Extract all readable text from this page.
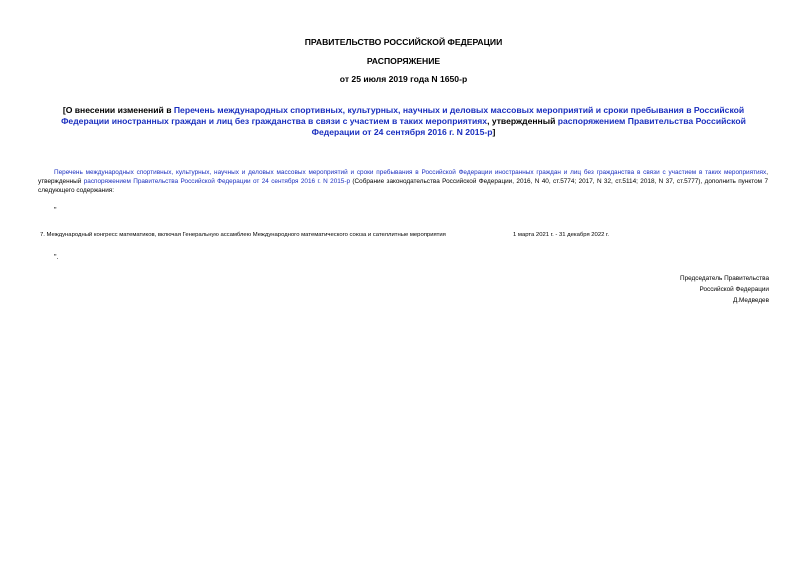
ПРАВИТЕЛЬСТВО РОССИЙСКОЙ ФЕДЕРАЦИИ
РАСПОРЯЖЕНИЕ
от 25 июля 2019 года N 1650-р
[О внесении изменений в Перечень международных спортивных, культурных, научных и деловых массовых мероприятий и сроки пребывания в Российской Федерации иностранных граждан и лиц без гражданства в связи с участием в таких мероприятиях, утвержденный распоряжением Правительства Российской Федерации от 24 сентября 2016 г. N 2015-р]
Перечень международных спортивных, культурных, научных и деловых массовых мероприятий и сроки пребывания в Российской Федерации иностранных граждан и лиц без гражданства в связи с участием в таких мероприятиях, утвержденный распоряжением Правительства Российской Федерации от 24 сентября 2016 г. N 2015-р (Собрание законодательства Российской Федерации, 2016, N 40, ст.5774; 2017, N 32, ст.5114; 2018, N 37, ст.5777), дополнить пунктом 7 следующего содержания:
"
7. Международный конгресс математиков, включая Генеральную ассамблею Международного математического союза и сателлитные мероприятия	1 марта 2021 г. - 31 декабря 2022 г.
".
Председатель Правительства
Российской Федерации
Д.Медведев
